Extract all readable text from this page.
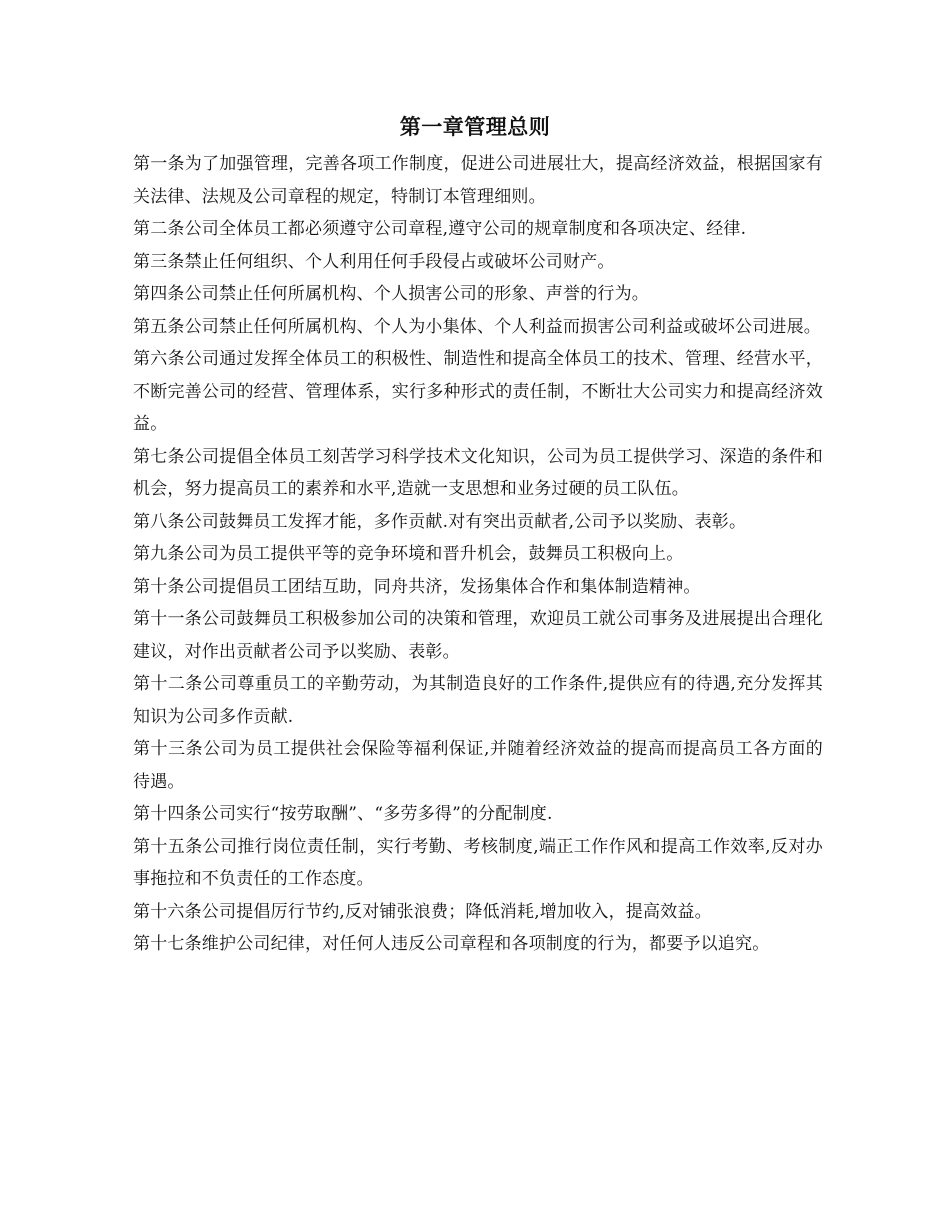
第一章管理总则

第一条为了加强管理，完善各项工作制度，促进公司进展壮大，提高经济效益，根据国家有关法律、法规及公司章程的规定，特制订本管理细则。

第二条公司全体员工都必须遵守公司章程,遵守公司的规章制度和各项决定、经律.

第三条禁止任何组织、个人利用任何手段侵占或破坏公司财产。

第四条公司禁止任何所属机构、个人损害公司的形象、声誉的行为。

第五条公司禁止任何所属机构、个人为小集体、个人利益而损害公司利益或破坏公司进展。

第六条公司通过发挥全体员工的积极性、制造性和提高全体员工的技术、管理、经营水平，不断完善公司的经营、管理体系，实行多种形式的责任制，不断壮大公司实力和提高经济效益。

第七条公司提倡全体员工刻苦学习科学技术文化知识，公司为员工提供学习、深造的条件和机会，努力提高员工的素养和水平,造就一支思想和业务过硬的员工队伍。

第八条公司鼓舞员工发挥才能，多作贡献.对有突出贡献者,公司予以奖励、表彰。

第九条公司为员工提供平等的竞争环境和晋升机会，鼓舞员工积极向上。

第十条公司提倡员工团结互助，同舟共济，发扬集体合作和集体制造精神。

第十一条公司鼓舞员工积极参加公司的决策和管理，欢迎员工就公司事务及进展提出合理化建议，对作出贡献者公司予以奖励、表彰。

第十二条公司尊重员工的辛勤劳动，为其制造良好的工作条件,提供应有的待遇,充分发挥其知识为公司多作贡献.

第十三条公司为员工提供社会保险等福利保证,并随着经济效益的提高而提高员工各方面的待遇。

第十四条公司实行“按劳取酬”、“多劳多得”的分配制度.

第十五条公司推行岗位责任制，实行考勤、考核制度,端正工作作风和提高工作效率,反对办事拖拉和不负责任的工作态度。

第十六条公司提倡厉行节约,反对铺张浪费；降低消耗,增加收入，提高效益。

第十七条维护公司纪律，对任何人违反公司章程和各项制度的行为，都要予以追究。
